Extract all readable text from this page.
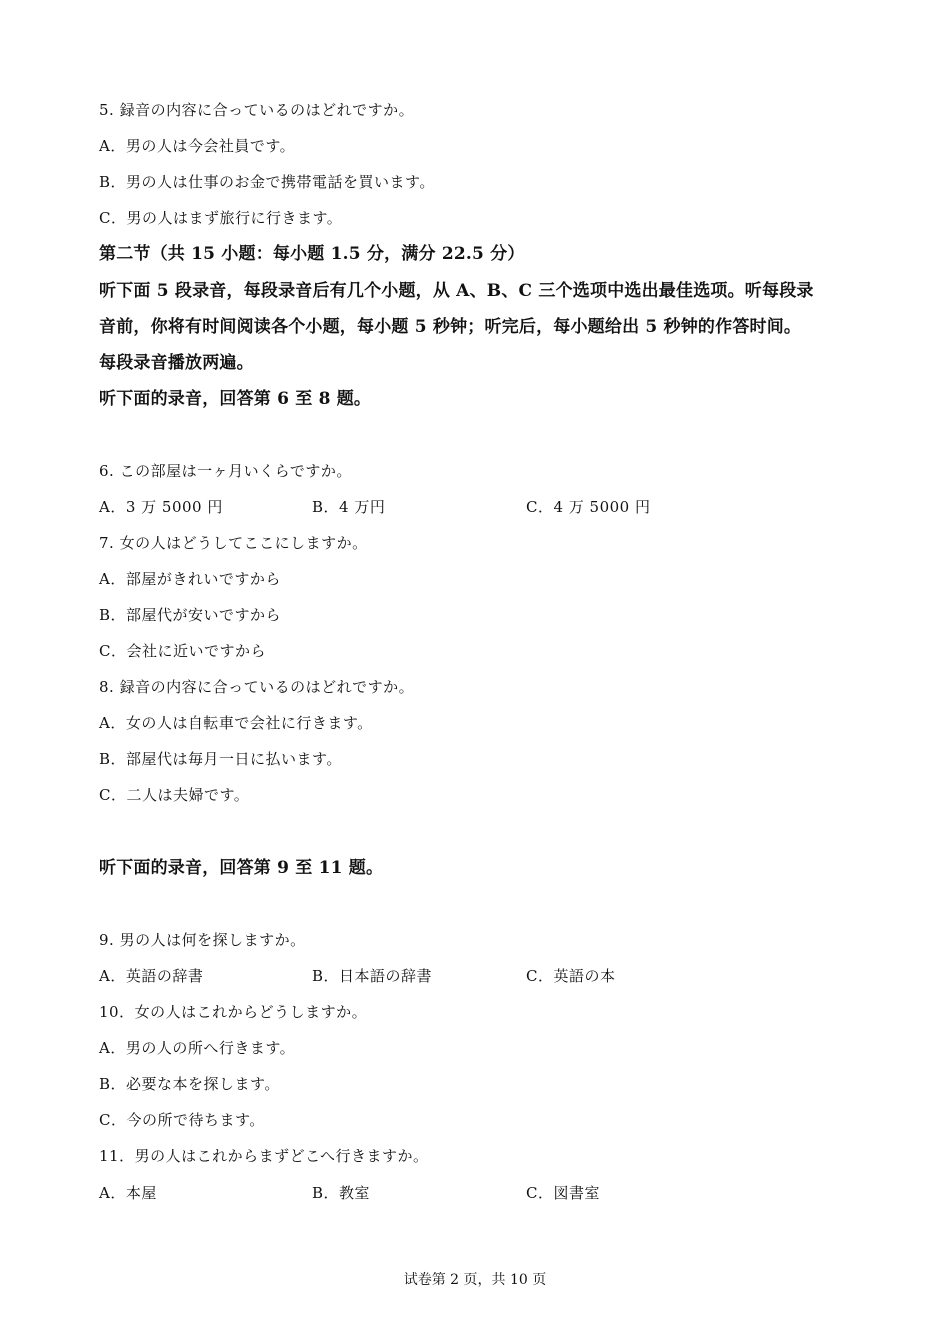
5. 録音の内容に合っているのはどれですか。
A．男の人は今会社員です。
B．男の人は仕事のお金で携帯電話を買います。
C．男の人はまず旅行に行きます。
第二节（共 15 小题：每小题 1.5 分，满分 22.5 分）
听下面 5 段录音，每段录音后有几个小题，从 A、B、C 三个选项中选出最佳选项。听每段录
音前，你将有时间阅读各个小题，每小题 5 秒钟；听完后，每小题给出 5 秒钟的作答时间。
每段录音播放两遍。
听下面的录音，回答第 6 至 8 题。
6. この部屋は一ヶ月いくらですか。
A．3 万 5000 円	B．4 万円	C．4 万 5000 円
7. 女の人はどうしてここにしますか。
A．部屋がきれいですから
B．部屋代が安いですから
C．会社に近いですから
8. 録音の内容に合っているのはどれですか。
A．女の人は自転車で会社に行きます。
B．部屋代は毎月一日に払います。
C．二人は夫婦です。
听下面的录音，回答第 9 至 11 题。
9. 男の人は何を探しますか。
A．英語の辞書	B．日本語の辞書	C．英語の本
10．女の人はこれからどうしますか。
A．男の人の所へ行きます。
B．必要な本を探します。
C．今の所で待ちます。
11．男の人はこれからまずどこへ行きますか。
A．本屋	B．教室	C．図書室
试卷第 2 页，共 10 页
